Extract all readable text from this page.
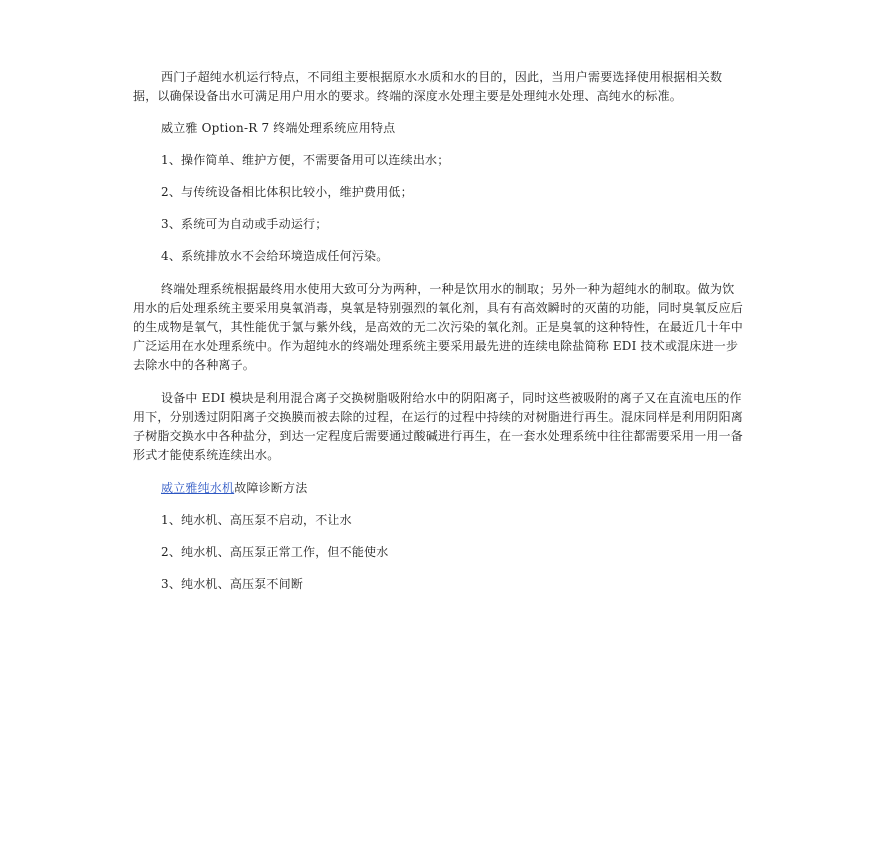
西门子超纯水机运行特点，不同组主要根据原水水质和水的目的，因此，当用户需要选择使用根据相关数据，以确保设备出水可满足用户用水的要求。终端的深度水处理主要是处理纯水处理、高纯水的标准。

威立雅 Option-R 7 终端处理系统应用特点

1、操作简单、维护方便，不需要备用可以连续出水；

2、与传统设备相比体积比较小，维护费用低；

3、系统可为自动或手动运行；

4、系统排放水不会给环境造成任何污染。

终端处理系统根据最终用水使用大致可分为两种，一种是饮用水的制取；另外一种为超纯水的制取。做为饮用水的后处理系统主要采用臭氧消毒，臭氧是特别强烈的氧化剂，具有有高效瞬时的灭菌的功能，同时臭氧反应后的生成物是氧气，其性能优于氯与紫外线，是高效的无二次污染的氧化剂。正是臭氧的这种特性，在最近几十年中广泛运用在水处理系统中。作为超纯水的终端处理系统主要采用最先进的连续电除盐简称 EDI 技术或混床进一步去除水中的各种离子。

设备中 EDI 模块是利用混合离子交换树脂吸附给水中的阴阳离子，同时这些被吸附的离子又在直流电压的作用下，分别透过阴阳离子交换膜而被去除的过程，在运行的过程中持续的对树脂进行再生。混床同样是利用阴阳离子树脂交换水中各种盐分，到达一定程度后需要通过酸碱进行再生，在一套水处理系统中往往都需要采用一用一备形式才能使系统连续出水。

威立雅纯水机故障诊断方法

1、纯水机、高压泵不启动，不让水

2、纯水机、高压泵正常工作，但不能使水

3、纯水机、高压泵不间断
